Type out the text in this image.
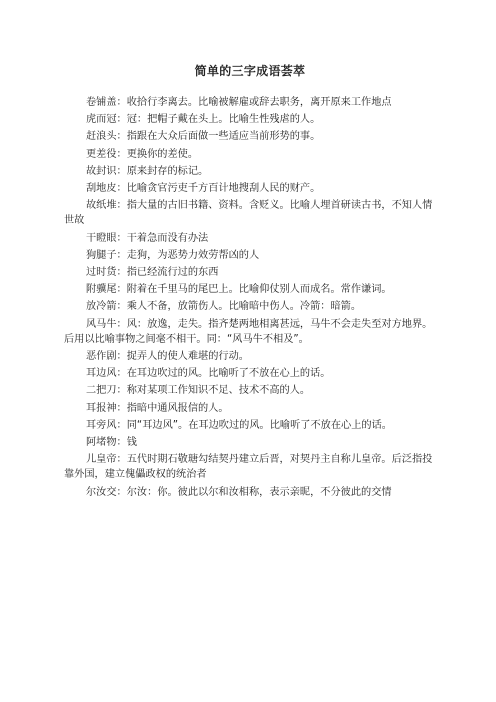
简单的三字成语荟萃
卷铺盖：收拾行李离去。比喻被解雇或辞去职务，离开原来工作地点
虎而冠：冠：把帽子戴在头上。比喻生性残虐的人。
赶浪头：指跟在大众后面做一些适应当前形势的事。
更差役：更换你的差使。
故封识：原来封存的标记。
刮地皮：比喻贪官污吏千方百计地搜刮人民的财产。
故纸堆：指大量的古旧书籍、资料。含贬义。比喻人埋首研读古书，不知人情世故
干瞪眼：干着急而没有办法
狗腿子：走狗，为恶势力效劳帮凶的人
过时货：指已经流行过的东西
附骥尾：附着在千里马的尾巴上。比喻仰仗别人而成名。常作谦词。
放冷箭：乘人不备，放箭伤人。比喻暗中伤人。冷箭：暗箭。
风马牛：风：放逸，走失。指齐楚两地相离甚远，马牛不会走失至对方地界。后用以比喻事物之间毫不相干。同：“风马牛不相及”。
恶作剧：捉弄人的使人难堪的行动。
耳边风：在耳边吹过的风。比喻听了不放在心上的话。
二把刀：称对某项工作知识不足、技术不高的人。
耳报神：指暗中通风报信的人。
耳旁风：同“耳边风”。在耳边吹过的风。比喻听了不放在心上的话。
阿堵物：钱
儿皇帝：五代时期石敬瑭勾结契丹建立后晋，对契丹主自称儿皇帝。后泛指投靠外国，建立傀儡政权的统治者
尔汝交：尔汝：你。彼此以尔和汝相称，表示亲昵，不分彼此的交情
